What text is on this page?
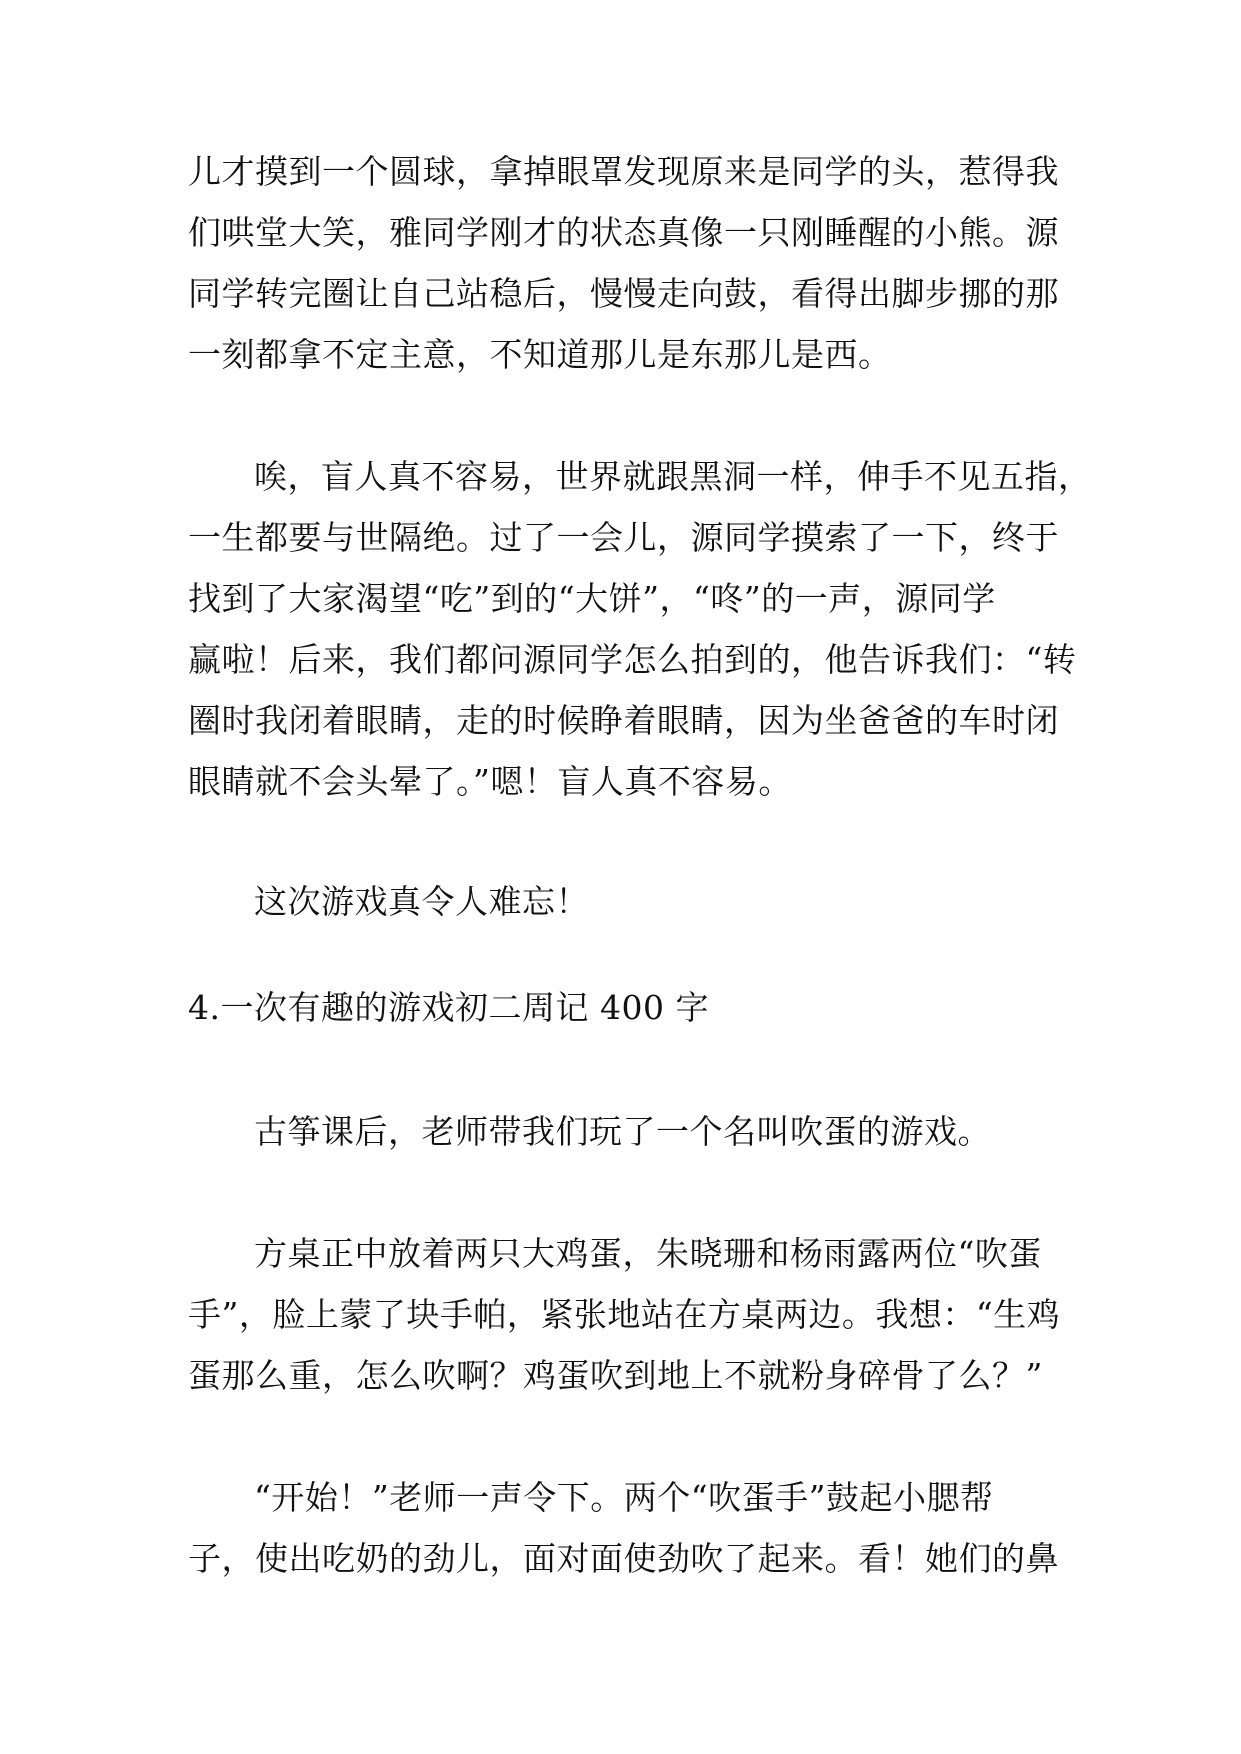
儿才摸到一个圆球，拿掉眼罩发现原来是同学的头，惹得我
们哄堂大笑，雅同学刚才的状态真像一只刚睡醒的小熊。源
同学转完圈让自己站稳后，慢慢走向鼓，看得出脚步挪的那
一刻都拿不定主意，不知道那儿是东那儿是西。
唉，盲人真不容易，世界就跟黑洞一样，伸手不见五指，
一生都要与世隔绝。过了一会儿，源同学摸索了一下，终于
找到了大家渴望“吃”到的“大饼”，“咚”的一声，源同学
赢啦！后来，我们都问源同学怎么拍到的，他告诉我们：“转
圈时我闭着眼睛，走的时候睁着眼睛，因为坐爸爸的车时闭
眼睛就不会头晕了。”嗯！盲人真不容易。
这次游戏真令人难忘！
4.一次有趣的游戏初二周记 400 字
古筝课后，老师带我们玩了一个名叫吹蛋的游戏。
方桌正中放着两只大鸡蛋，朱晓珊和杨雨露两位“吹蛋
手”，脸上蒙了块手帕，紧张地站在方桌两边。我想：“生鸡
蛋那么重，怎么吹啊？鸡蛋吹到地上不就粉身碎骨了么？”
“开始！”老师一声令下。两个“吹蛋手”鼓起小腮帮
子，使出吃奶的劲儿，面对面使劲吹了起来。看！她们的鼻
